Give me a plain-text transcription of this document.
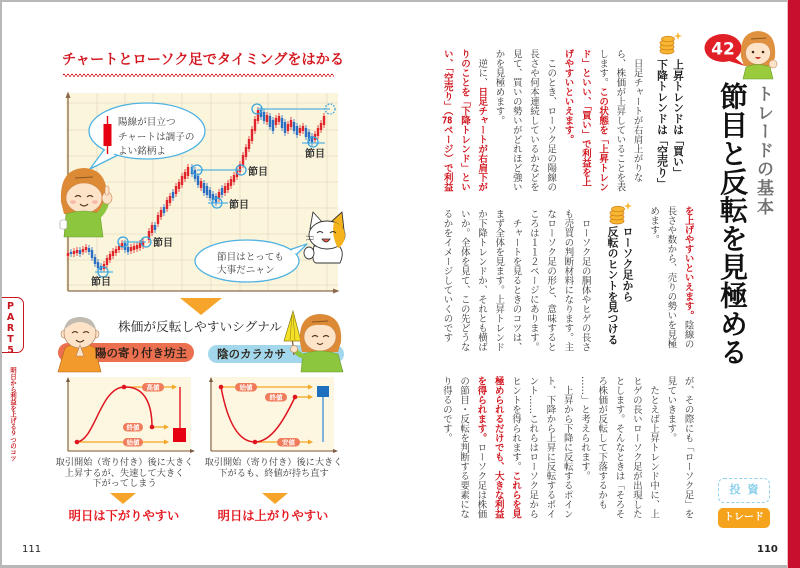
高値
終値
始値
始値
終値
安値
チャートとローソク足でタイミングをはかる
陽線が目立つ
チャートは調子の
よい銘柄よ
節目はとっても
大事だニャン
節目
節目
節目
節目
節目
株価が反転しやすいシグナル
陽の寄り付き坊主	陰のカラカサ
取引開始（寄り付き）後に大きく
上昇するが、失速して大きく
下がってしまう
取引開始（寄り付き）後に大きく
下がるも、終値が持ち直す
明日は下がりやすい	明日は上がりやすい
PART5
明日から利益を上げる９つのコツ
111
42
トレードの基本
節目と反転を見極める
上昇トレンドは「買い」
下降トレンドは「空売り」
　日足チャートが右肩上がりな
ら、株価が上昇していることを表
します。この状態を「上昇トレン
ド」といい、「買い」で利益を上
げやすいといえます。
　このとき、ローソク足の陽線の
長さや何本連続しているかなどを
見て、買いの勢いがどれほど強い
かを見極めます。
　逆に、日足チャートが右肩下が
りのことを「下降トレンド」とい
い、「空売り」（78ページ）で利益
を上げやすいといえます。陰線の
長さや数から、売りの勢いを見極
めます。
ローソク足から
反転のヒントを見つける
　ローソク足の胴体やヒゲの長さ
も売買の判断材料になります。主
なローソク足の形と、意味すると
ころは１１２ページにあります。
　チャートを見るときのコツは、
まず全体を見ます。上昇トレンド
か下降トレンドか、それとも横ば
いか。全体を見て、この先どうな
るかをイメージしていくのです
が、その際にも「ローソク足」を
見ていきます。
　たとえば上昇トレンド中に、上
ヒゲの長いローソク足が出現した
とします。そんなときは「そろそ
ろ株価が反転して下落するかも
……」と考えられます。
　上昇から下降に反転するポイン
ト、下降から上昇に反転するポイ
ント……これらはローソク足から
ヒントを得られます。これらを見
極められるだけでも、大きな利益
を得られます。ローソク足は株価
の節目・反転を判断する要素にな
り得るのです。
投資
トレード
110
